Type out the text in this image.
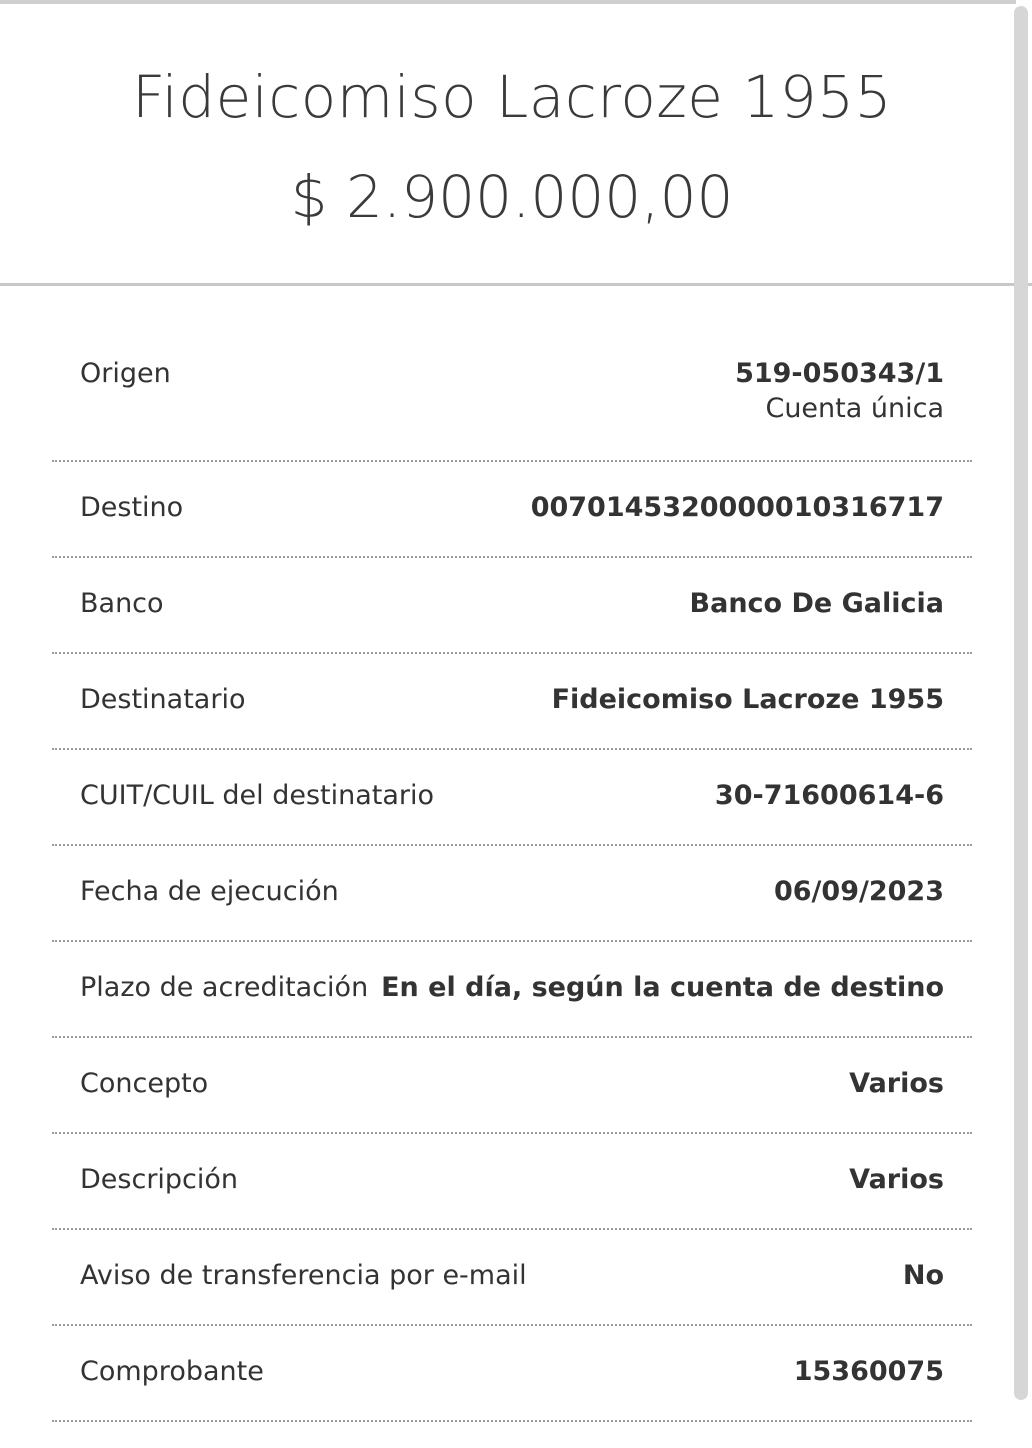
Fideicomiso Lacroze 1955
$ 2.900.000,00
Origen	519-050343/1
Cuenta única
Destino	0070145320000010316717
Banco	Banco De Galicia
Destinatario	Fideicomiso Lacroze 1955
CUIT/CUIL del destinatario	30-71600614-6
Fecha de ejecución	06/09/2023
Plazo de acreditación En el día, según la cuenta de destino
Concepto	Varios
Descripción	Varios
Aviso de transferencia por e-mail	No
Comprobante	15360075
